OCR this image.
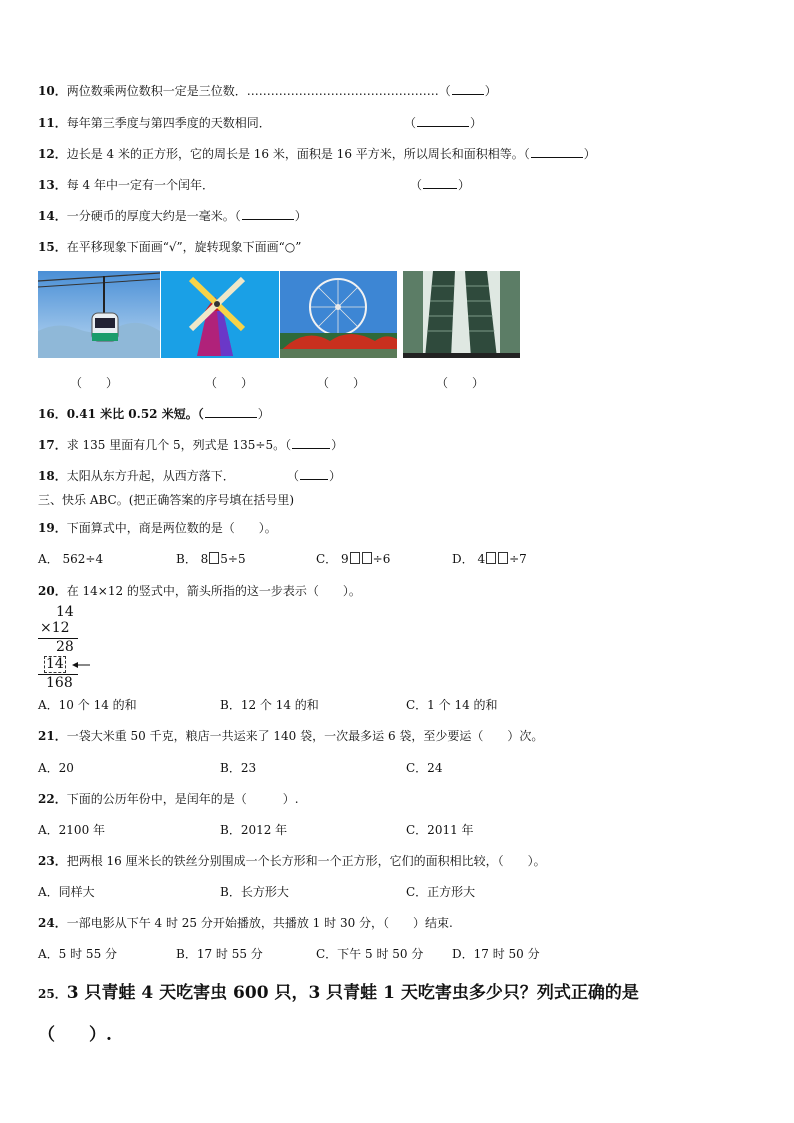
10．两位数乘两位数积一定是三位数．…………………………………………（	）
11．每年第三季度与第四季度的天数相同．	（	）
12．边长是 4 米的正方形，它的周长是 16 米，面积是 16 平方米，所以周长和面积相等。（	）
13．每 4 年中一定有一个闰年．	（	）
14．一分硬币的厚度大约是一毫米。（	）
15．在平移现象下面画“√”，旋转现象下面画“○”
（　　）	（　　）	（　　）	（　　）
16．0.41 米比 0.52 米短。（	）
17．求 135 里面有几个 5，列式是 135÷5。（	）
18．太阳从东方升起，从西方落下．	（	）
三、快乐 ABC。(把正确答案的序号填在括号里)
19．下面算式中，商是两位数的是（　　）。
A． 562÷4	B． 8 5÷5	C． 9 ÷6	D． 4 ÷7
20．在 14×12 的竖式中，箭头所指的这一步表示（　　）。
14
×12
28
14
168
A．10 个 14 的和	B．12 个 14 的和	C．1 个 14 的和
21．一袋大米重 50 千克，粮店一共运来了 140 袋，一次最多运 6 袋，至少要运（　　）次。
A．20	B．23	C．24
22．下面的公历年份中，是闰年的是（　　　）.
A．2100 年	B．2012 年	C．2011 年
23．把两根 16 厘米长的铁丝分别围成一个长方形和一个正方形，它们的面积相比较，（　　）。
A．同样大	B．长方形大	C．正方形大
24．一部电影从下午 4 时 25 分开始播放，共播放 1 时 30 分，（　　）结束.
A．5 时 55 分	B．17 时 55 分	C．下午 5 时 50 分 D．17 时 50 分
25．3 只青蛙 4 天吃害虫 600 只，3 只青蛙 1 天吃害虫多少只？列式正确的是
（　　）.
